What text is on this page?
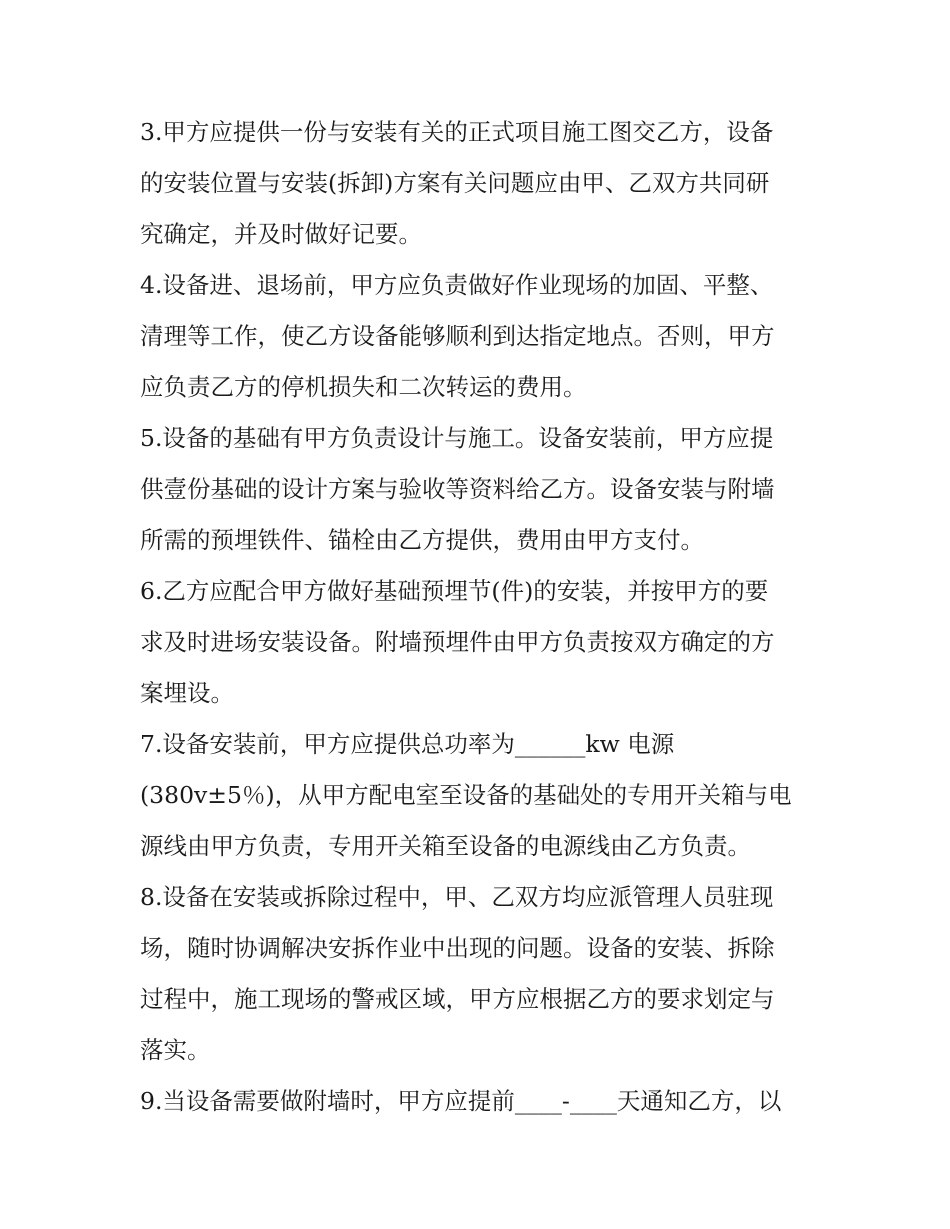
3.甲方应提供一份与安装有关的正式项目施工图交乙方，设备
的安装位置与安装(拆卸)方案有关问题应由甲、乙双方共同研
究确定，并及时做好记要。
4.设备进、退场前，甲方应负责做好作业现场的加固、平整、
清理等工作，使乙方设备能够顺利到达指定地点。否则，甲方
应负责乙方的停机损失和二次转运的费用。
5.设备的基础有甲方负责设计与施工。设备安装前，甲方应提
供壹份基础的设计方案与验收等资料给乙方。设备安装与附墙
所需的预埋铁件、锚栓由乙方提供，费用由甲方支付。
6.乙方应配合甲方做好基础预埋节(件)的安装，并按甲方的要
求及时进场安装设备。附墙预埋件由甲方负责按双方确定的方
案埋设。
7.设备安装前，甲方应提供总功率为______kw 电源
(380v±5％)，从甲方配电室至设备的基础处的专用开关箱与电
源线由甲方负责，专用开关箱至设备的电源线由乙方负责。
8.设备在安装或拆除过程中，甲、乙双方均应派管理人员驻现
场，随时协调解决安拆作业中出现的问题。设备的安装、拆除
过程中，施工现场的警戒区域，甲方应根据乙方的要求划定与
落实。
9.当设备需要做附墙时，甲方应提前____-____天通知乙方，以
